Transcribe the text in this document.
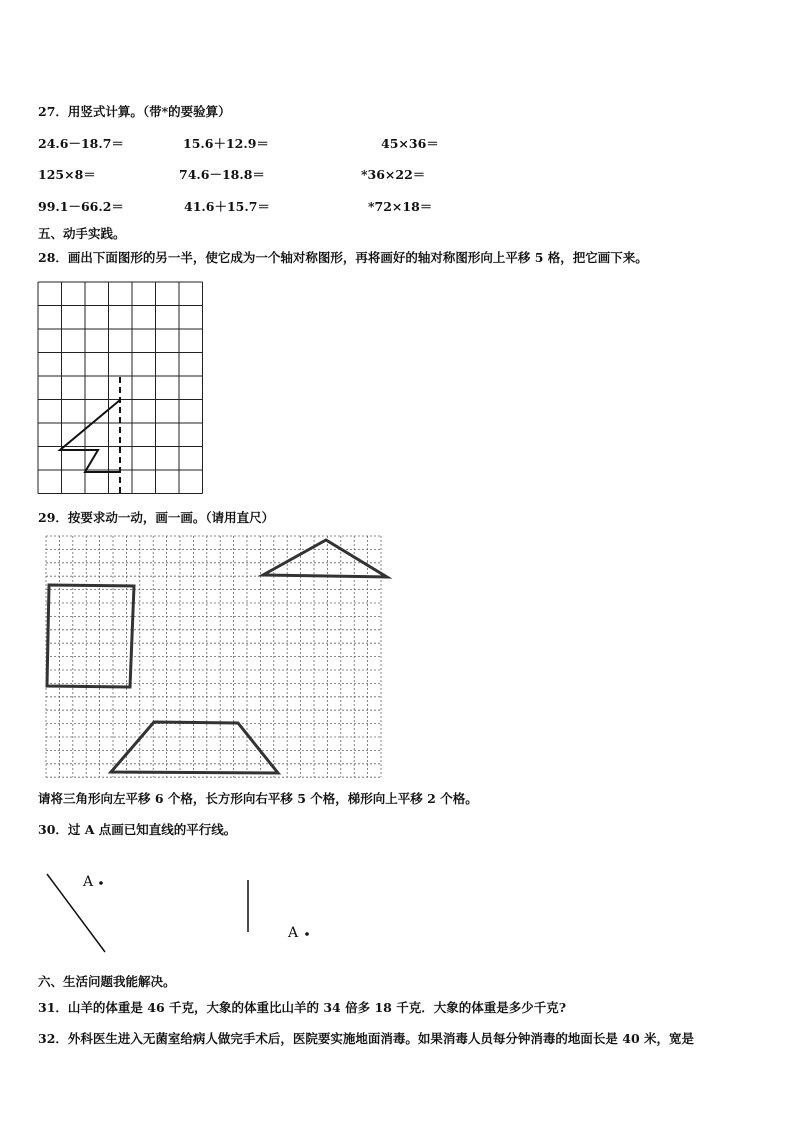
27．用竖式计算。（带*的要验算）
24.6－18.7＝	15.6＋12.9＝	45×36＝
125×8＝	74.6－18.8＝	*36×22＝
99.1－66.2＝	41.6＋15.7＝	*72×18＝
五、动手实践。
28．画出下面图形的另一半，使它成为一个轴对称图形，再将画好的轴对称图形向上平移 5 格，把它画下来。
29．按要求动一动，画一画。（请用直尺）
请将三角形向左平移 6 个格，长方形向右平移 5 个格，梯形向上平移 2 个格。
30．过 A 点画已知直线的平行线。
A
A
六、生活问题我能解决。
31．山羊的体重是 46 千克，大象的体重比山羊的 34 倍多 18 千克．大象的体重是多少千克?
32．外科医生进入无菌室给病人做完手术后，医院要实施地面消毒。如果消毒人员每分钟消毒的地面长是 40 米，宽是
